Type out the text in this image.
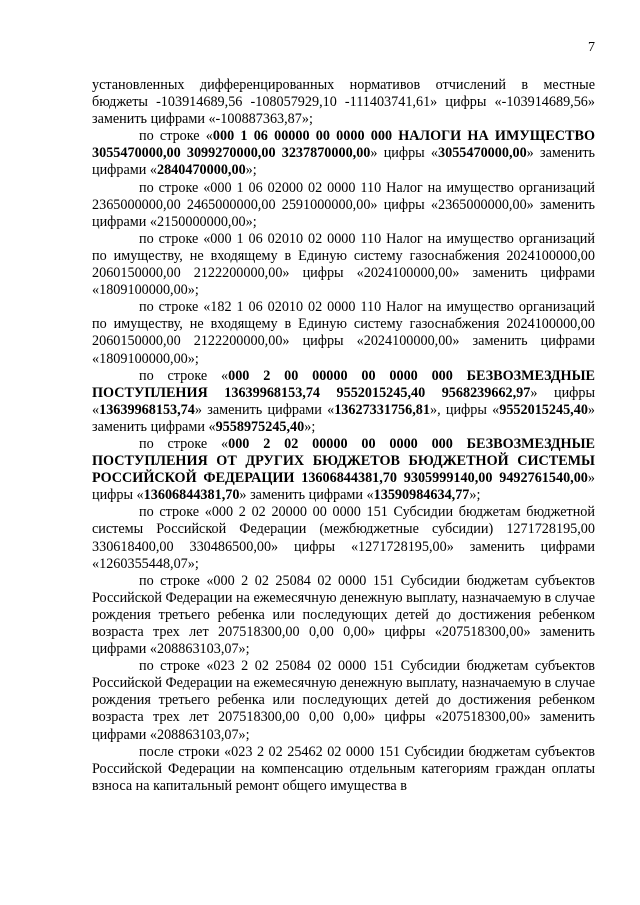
7

установленных дифференцированных нормативов отчислений в местные бюджеты -103914689,56 -108057929,10 -111403741,61» цифры «-103914689,56» заменить цифрами «-100887363,87»;

по строке «000 1 06 00000 00 0000 000 НАЛОГИ НА ИМУЩЕСТВО 3055470000,00 3099270000,00 3237870000,00» цифры «3055470000,00» заменить цифрами «2840470000,00»;

по строке «000 1 06 02000 02 0000 110 Налог на имущество организаций 2365000000,00 2465000000,00 2591000000,00» цифры «2365000000,00» заменить цифрами «2150000000,00»;

по строке «000 1 06 02010 02 0000 110 Налог на имущество организаций по имуществу, не входящему в Единую систему газоснабжения 2024100000,00 2060150000,00 2122200000,00» цифры «2024100000,00» заменить цифрами «1809100000,00»;

по строке «182 1 06 02010 02 0000 110 Налог на имущество организаций по имуществу, не входящему в Единую систему газоснабжения 2024100000,00 2060150000,00 2122200000,00» цифры «2024100000,00» заменить цифрами «1809100000,00»;

по строке «000 2 00 00000 00 0000 000 БЕЗВОЗМЕЗДНЫЕ ПОСТУПЛЕНИЯ 13639968153,74 9552015245,40 9568239662,97» цифры «13639968153,74» заменить цифрами «13627331756,81», цифры «9552015245,40» заменить цифрами «9558975245,40»;

по строке «000 2 02 00000 00 0000 000 БЕЗВОЗМЕЗДНЫЕ ПОСТУПЛЕНИЯ ОТ ДРУГИХ БЮДЖЕТОВ БЮДЖЕТНОЙ СИСТЕМЫ РОССИЙСКОЙ ФЕДЕРАЦИИ 13606844381,70 9305999140,00 9492761540,00» цифры «13606844381,70» заменить цифрами «13590984634,77»;

по строке «000 2 02 20000 00 0000 151 Субсидии бюджетам бюджетной системы Российской Федерации (межбюджетные субсидии) 1271728195,00 330618400,00 330486500,00» цифры «1271728195,00» заменить цифрами «1260355448,07»;

по строке «000 2 02 25084 02 0000 151 Субсидии бюджетам субъектов Российской Федерации на ежемесячную денежную выплату, назначаемую в случае рождения третьего ребенка или последующих детей до достижения ребенком возраста трех лет 207518300,00 0,00 0,00» цифры «207518300,00» заменить цифрами «208863103,07»;

по строке «023 2 02 25084 02 0000 151 Субсидии бюджетам субъектов Российской Федерации на ежемесячную денежную выплату, назначаемую в случае рождения третьего ребенка или последующих детей до достижения ребенком возраста трех лет 207518300,00 0,00 0,00» цифры «207518300,00» заменить цифрами «208863103,07»;

после строки «023 2 02 25462 02 0000 151 Субсидии бюджетам субъектов Российской Федерации на компенсацию отдельным категориям граждан оплаты взноса на капитальный ремонт общего имущества в
